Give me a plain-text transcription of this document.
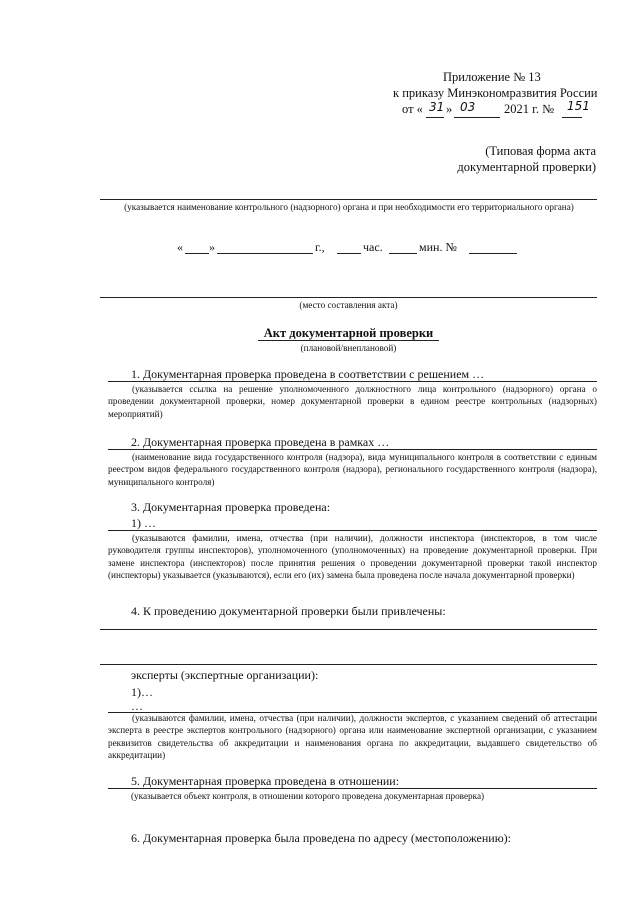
Приложение № 13
к приказу Минэкономразвития России
от « 31 » 03 2021 г. № 151
(Типовая форма акта
документарной проверки)
(указывается наименование контрольного (надзорного) органа и при необходимости его территориального органа)
« »	г.,	час.	мин. №
(место составления акта)
Акт документарной проверки
(плановой/внеплановой)
1. Документарная проверка проведена в соответствии с решением …
(указывается ссылка на решение уполномоченного должностного лица контрольного (надзорного) органа о проведении документарной проверки, номер документарной проверки в едином реестре контрольных (надзорных) мероприятий)
2. Документарная проверка проведена в рамках …
(наименование вида государственного контроля (надзора), вида муниципального контроля в соответствии с единым реестром видов федерального государственного контроля (надзора), регионального государственного контроля (надзора), муниципального контроля)
3. Документарная проверка проведена:
1) …
(указываются фамилии, имена, отчества (при наличии), должности инспектора (инспекторов, в том числе руководителя группы инспекторов), уполномоченного (уполномоченных) на проведение документарной проверки. При замене инспектора (инспекторов) после принятия решения о проведении документарной проверки такой инспектор (инспекторы) указывается (указываются), если его (их) замена была проведена после начала документарной проверки)
4. К проведению документарной проверки были привлечены:
эксперты (экспертные организации):
1)…
…
(указываются фамилии, имена, отчества (при наличии), должности экспертов, с указанием сведений об аттестации эксперта в реестре экспертов контрольного (надзорного) органа или наименование экспертной организации, с указанием реквизитов свидетельства об аккредитации и наименования органа по аккредитации, выдавшего свидетельство об аккредитации)
5. Документарная проверка проведена в отношении:
(указывается объект контроля, в отношении которого проведена документарная проверка)
6. Документарная проверка была проведена по адресу (местоположению):
